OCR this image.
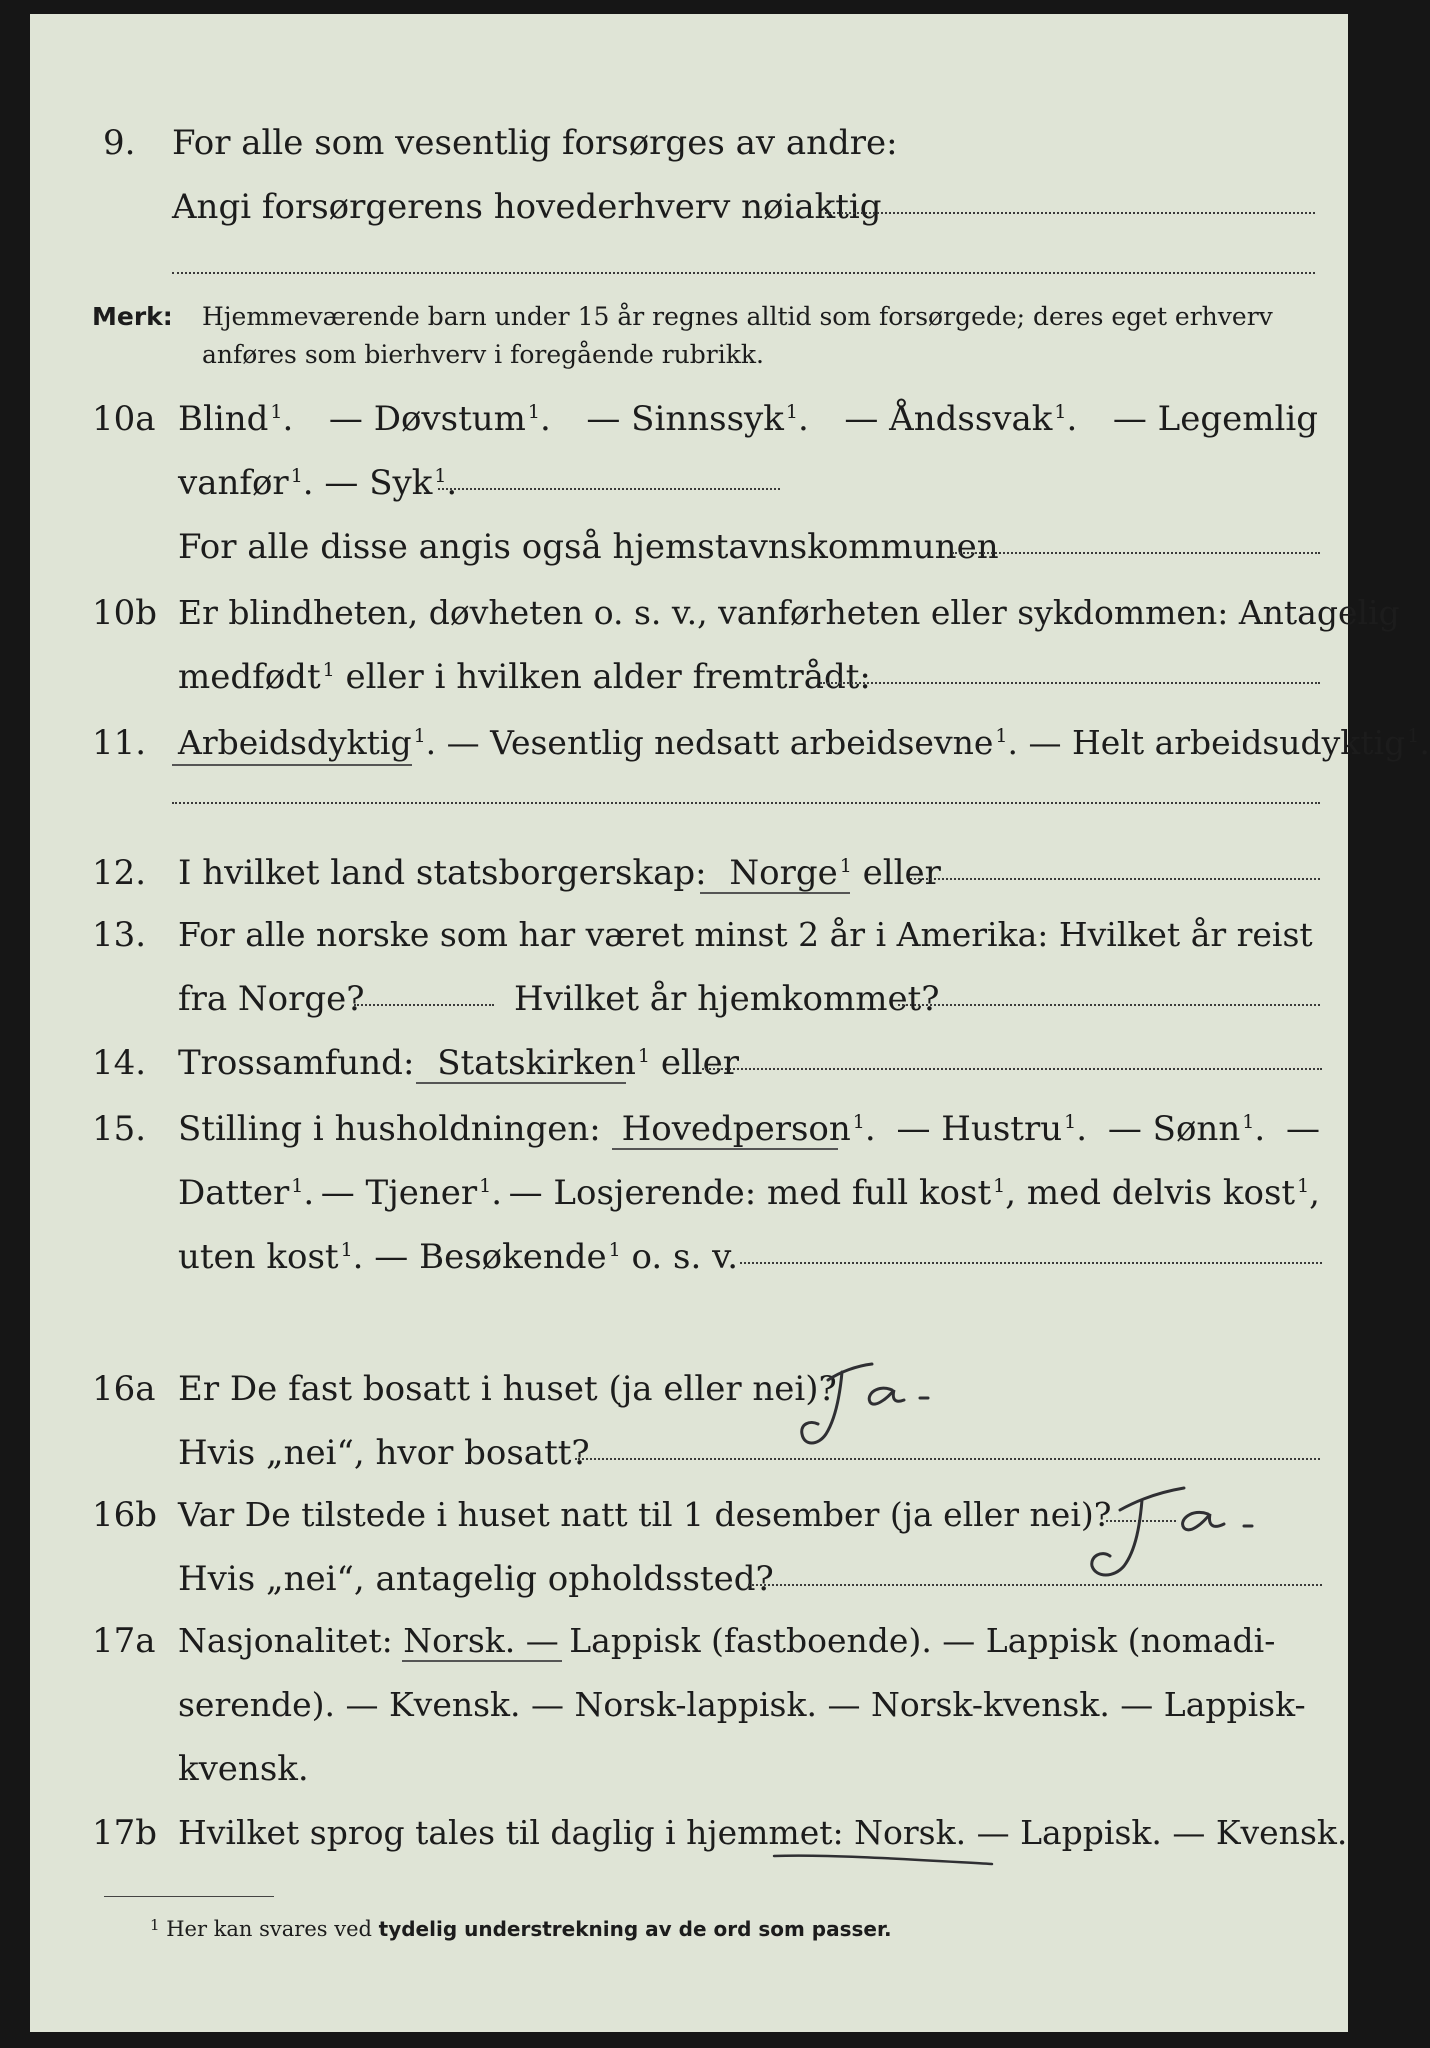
9. For alle som vesentlig forsørges av andre:
Angi forsørgerens hovederhverv nøiaktig
Merk: Hjemmeværende barn under 15 år regnes alltid som forsørgede; deres eget erhverv
anføres som bierhverv i foregående rubrikk.
10a Blind $^1$. — Døvstum $^1$. — Sinnssyk $^1$. — Åndssvak $^1$. — Legemlig
vanfør $^1$. — Syk $^1$.
For alle disse angis også hjemstavnskommunen
10b Er blindheten, døvheten o. s. v., vanførheten eller sykdommen: Antagelig
medfødt $^1$ eller i hvilken alder fremtrådt:
11. Arbeidsdyktig $^1$. — Vesentlig nedsatt arbeidsevne $^1$. — Helt arbeidsudyktig $^1$.
12. I hvilket land statsborgerskap: Norge $^1$ eller
13. For alle norske som har været minst 2 år i Amerika: Hvilket år reist
fra Norge?	Hvilket år hjemkommet?
14. Trossamfund: Statskirken $^1$ eller
15. Stilling i husholdningen: Hovedperson $^1$. — Hustru $^1$. — Sønn $^1$. —
Datter $^1$. — Tjener $^1$. — Losjerende: med full kost $^1$, med delvis kost $^1$,
uten kost $^1$. — Besøkende $^1$ o. s. v.
16a Er De fast bosatt i huset (ja eller nei)?
Hvis „nei“, hvor bosatt?
16b Var De tilstede i huset natt til 1 desember (ja eller nei)?
Hvis „nei“, antagelig opholdssted?
17a Nasjonalitet: Norsk. — Lappisk (fastboende). — Lappisk (nomadi-
serende). — Kvensk. — Norsk-lappisk. — Norsk-kvensk. — Lappisk-
kvensk.
17b Hvilket sprog tales til daglig i hjemmet: Norsk. — Lappisk. — Kvensk.
$^1$ Her kan svares ved tydelig understrekning av de ord som passer.
